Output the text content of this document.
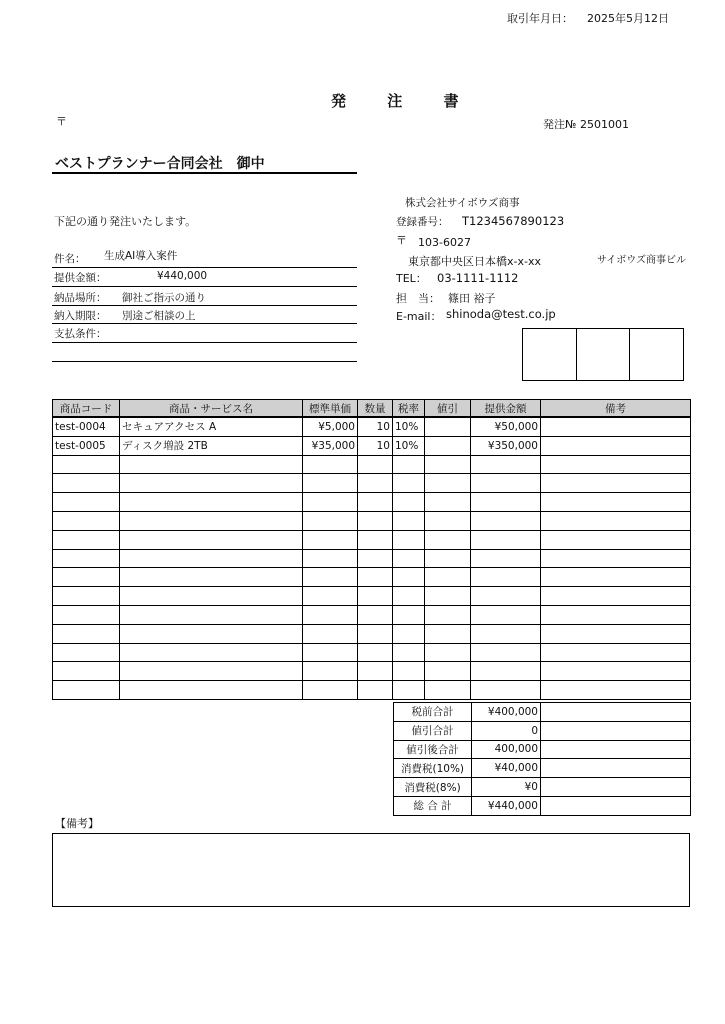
取引年月日： 2025年5月12日
発 注 書
〒	発注№ 2501001
ベストプランナー合同会社　御中
下記の通り発注いたします。
件名： 生成AI導入案件
提供金額：	¥440,000
納品場所： 御社ご指示の通り
納入期限： 別途ご相談の上
支払条件：
株式会社サイボウズ商事
登録番号： T1234567890123
〒 103-6027
東京都中央区日本橋x-x-xx	サイボウズ商事ビル
TEL： 03-1111-1112
担　当： 篠田 裕子
E-mail： shinoda@test.co.jp
商品コード	商品・サービス名	標準単価	数量	税率	値引	提供金額	備考
test-0004	セキュアアクセス A	¥5,000	10	10%		¥50,000	
test-0005	ディスク増設 2TB	¥35,000	10	10%		¥350,000	

税前合計	¥400,000	
値引合計	0	
値引後合計	400,000	
消費税(10%)	¥40,000	
消費税(8%)	¥0	
総 合 計	¥440,000	
【備考】
